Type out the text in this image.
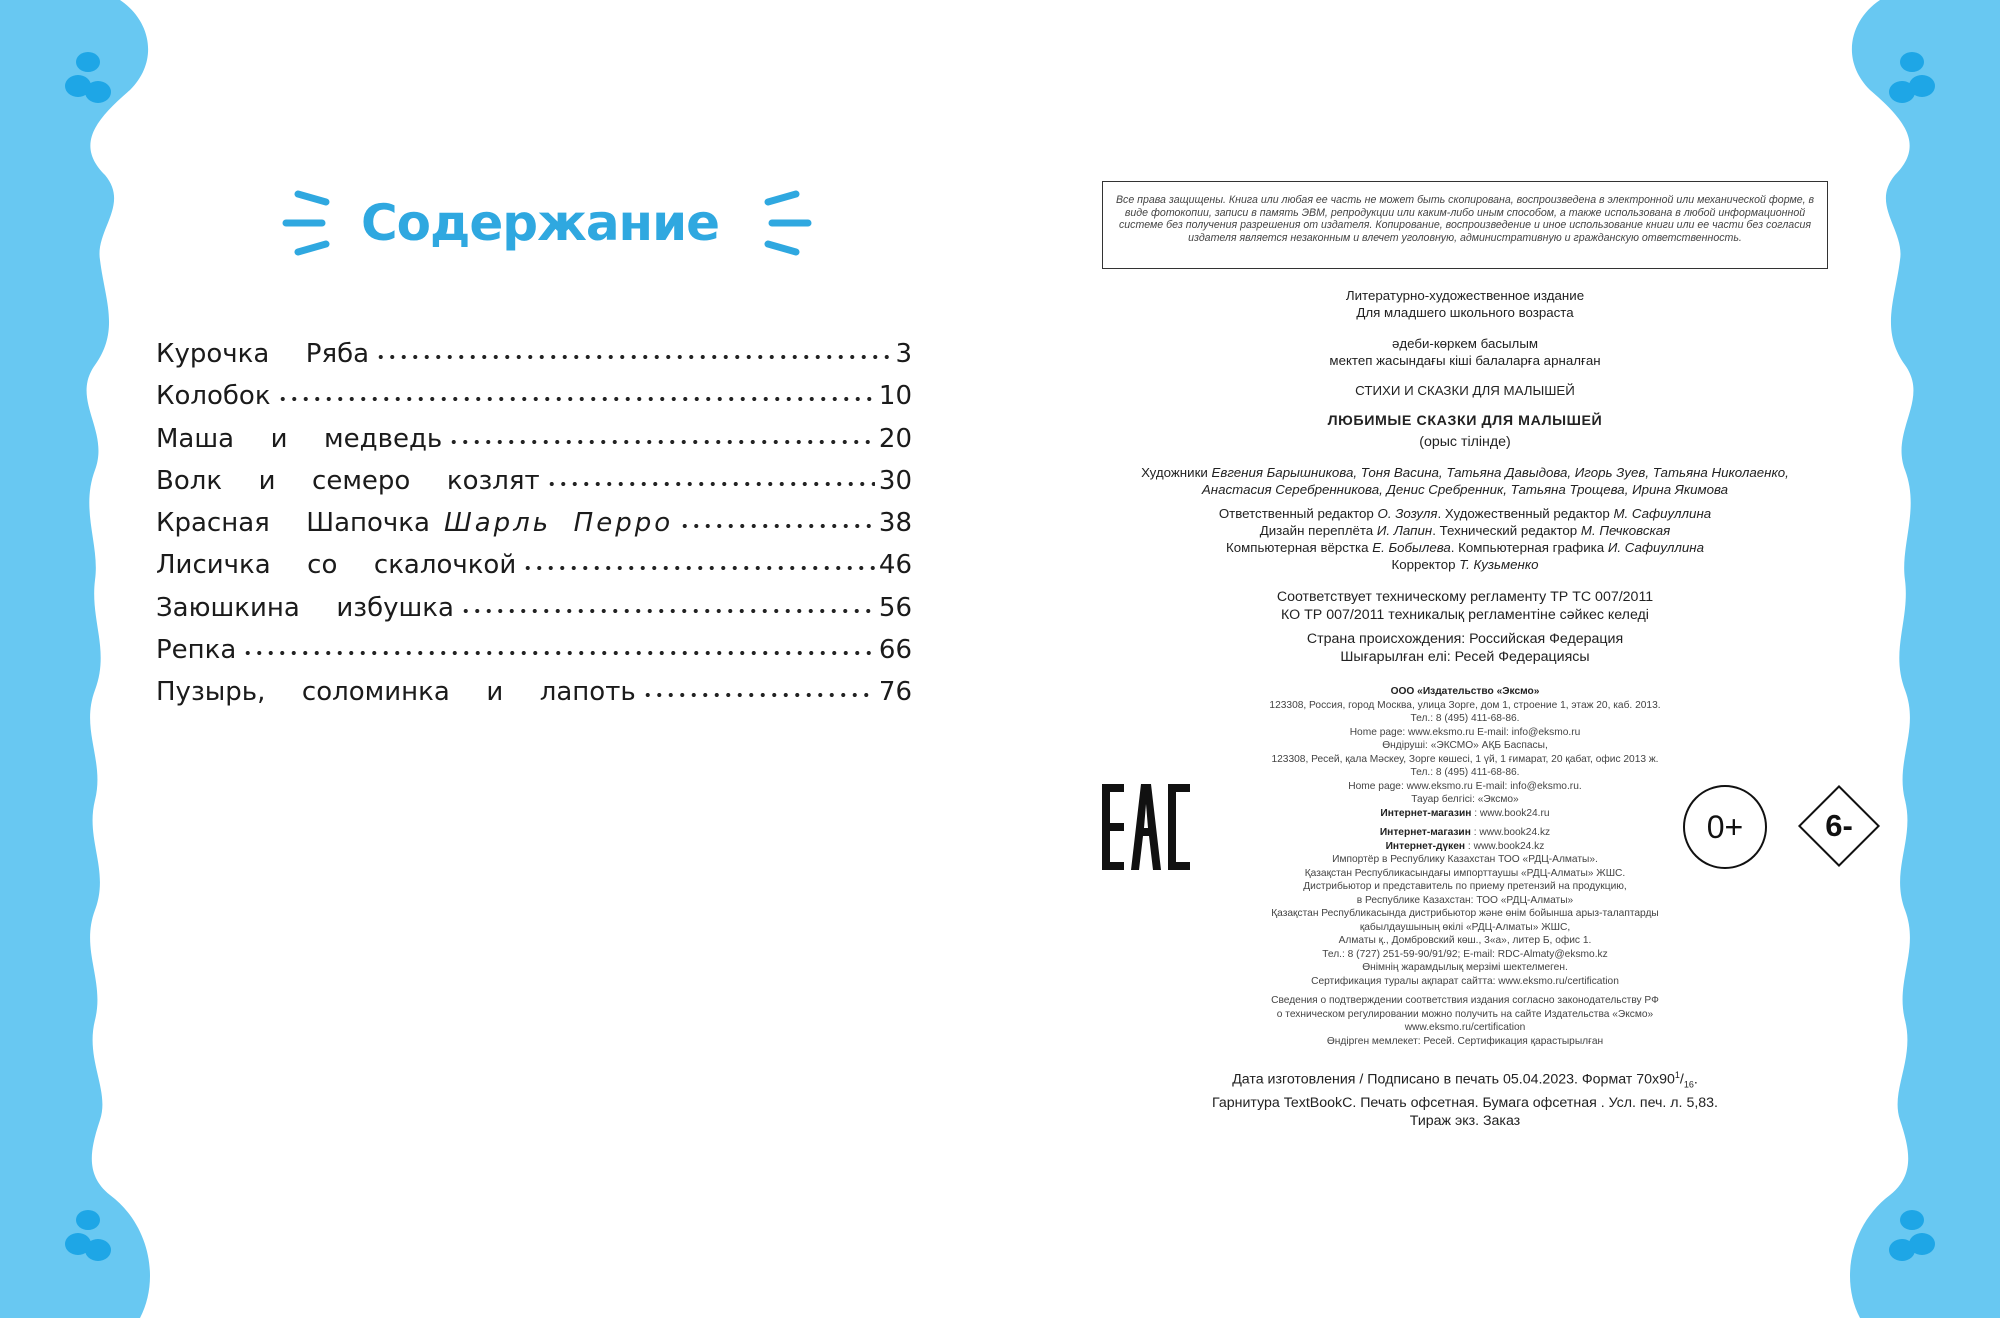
Содержание
Курочка  Ряба	3
Колобок	10
Маша  и  медведь	20
Волк  и  семеро  козлят	30
Красная  Шапочка Шарль  Перро	38
Лисичка  со  скалочкой	46
Заюшкина  избушка	56
Репка	66
Пузырь,  соломинка  и  лапоть	76
Все права защищены. Книга или любая ее часть не может быть скопирована, воспроизведена в электронной или механической форме, в виде фотокопии, записи в память ЭВМ, репродукции или каким-либо иным способом, а также использована в любой информационной системе без получения разрешения от издателя. Копирование, воспроизведение и иное использование книги или ее части без согласия издателя является незаконным и влечет уголовную, административную и гражданскую ответственность.
Литературно-художественное издание
Для младшего школьного возраста
әдеби-көркем басылым
мектеп жасындағы кіші балаларға арналған
СТИХИ И СКАЗКИ ДЛЯ МАЛЫШЕЙ
ЛЮБИМЫЕ СКАЗКИ ДЛЯ МАЛЫШЕЙ
(орыс тілінде)
Художники Евгения Барышникова, Тоня Васина, Татьяна Давыдова, Игорь Зуев, Татьяна Николаенко,
Анастасия Серебренникова, Денис Сребренник, Татьяна Трощева, Ирина Якимова
Ответственный редактор О. Зозуля. Художественный редактор М. Сафиуллина
Дизайн переплёта И. Лапин. Технический редактор М. Печковская
Компьютерная вёрстка Е. Бобылева. Компьютерная графика И. Сафиуллина
Корректор Т. Кузьменко
Соответствует техническому регламенту ТР ТС 007/2011
КО ТР 007/2011 техникалық регламентіне сәйкес келеді
Страна происхождения: Российская Федерация
Шығарылған елі: Ресей Федерациясы
ООО «Издательство «Эксмо»
123308, Россия, город Москва, улица Зорге, дом 1, строение 1, этаж 20, каб. 2013.
Тел.: 8 (495) 411-68-86.
Home page: www.eksmo.ru E-mail: info@eksmo.ru
Өндіруші: «ЭКСМО» АҚБ Баспасы,
123308, Ресей, қала Мәскеу, Зорге көшесі, 1 үй, 1 ғимарат, 20 қабат, офис 2013 ж.
Тел.: 8 (495) 411-68-86.
Home page: www.eksmo.ru E-mail: info@eksmo.ru.
Тауар белгісі: «Эксмо»
Интернет-магазин : www.book24.ru
Интернет-магазин : www.book24.kz
Интернет-дүкен : www.book24.kz
Импортёр в Республику Казахстан ТОО «РДЦ-Алматы».
Қазақстан Республикасындағы импорттаушы «РДЦ-Алматы» ЖШС.
Дистрибьютор и представитель по приему претензий на продукцию,
в Республике Казахстан: ТОО «РДЦ-Алматы»
Қазақстан Республикасында дистрибьютор және өнім бойынша арыз-талаптарды
қабылдаушының өкілі «РДЦ-Алматы» ЖШС,
Алматы қ., Домбровский көш., 3«а», литер Б, офис 1.
Тел.: 8 (727) 251-59-90/91/92; E-mail: RDC-Almaty@eksmo.kz
Өнімнің жарамдылық мерзімі шектелмеген.
Сертификация туралы ақпарат сайтта: www.eksmo.ru/certification
Сведения о подтверждении соответствия издания согласно законодательству РФ
о техническом регулировании можно получить на сайте Издательства «Эксмо»
www.eksmo.ru/certification
Өндірген мемлекет: Ресей. Сертификация қарастырылған
Дата изготовления / Подписано в печать 05.04.2023. Формат $70x90^1/_{16}$.
Гарнитура TextBookC. Печать офсетная. Бумага офсетная . Усл. печ. л. 5,83.
Тираж экз. Заказ
0+	6-
